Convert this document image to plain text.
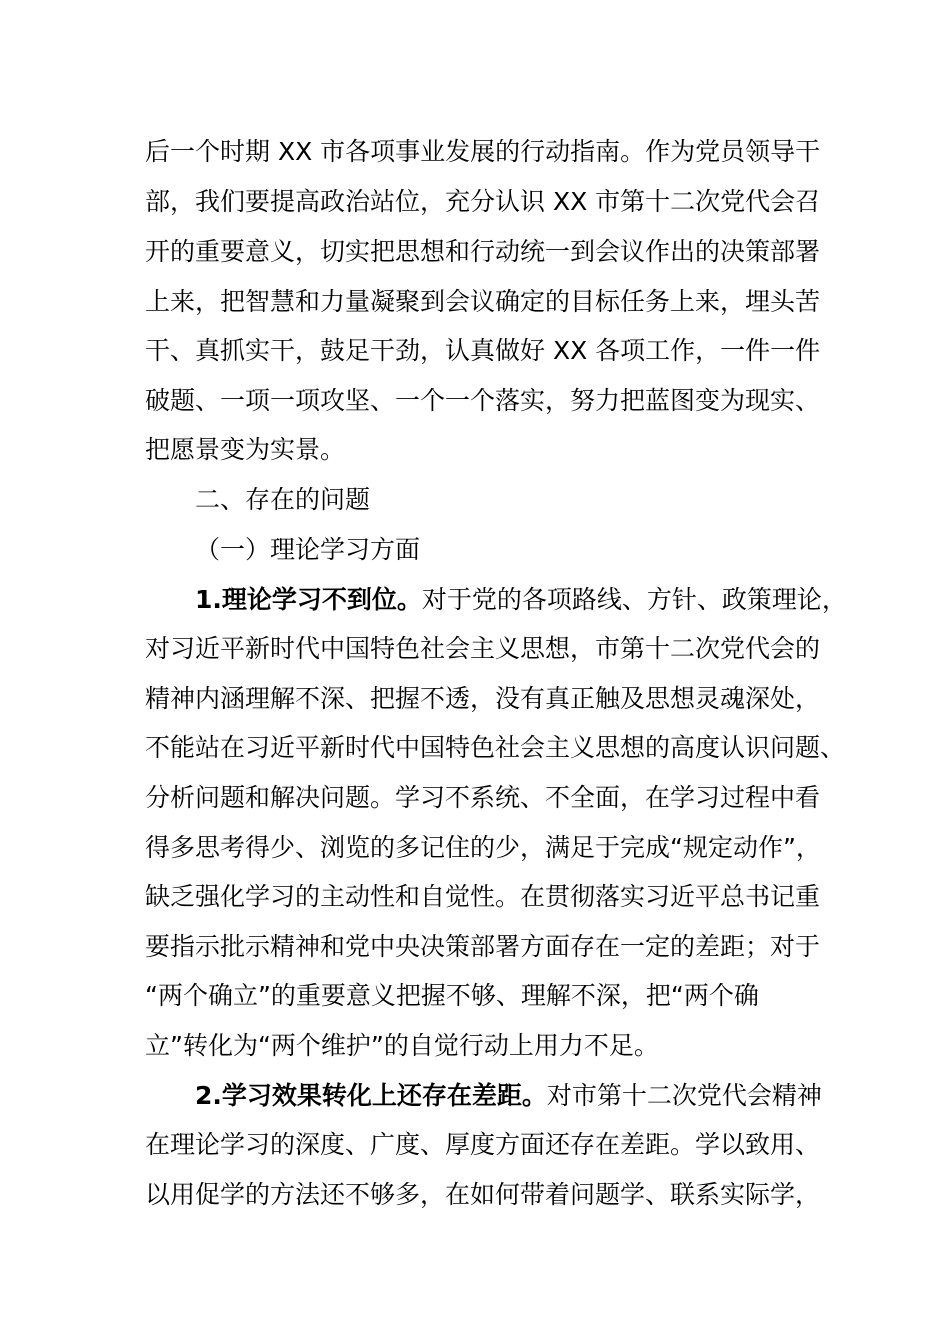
后一个时期 XX 市各项事业发展的行动指南。作为党员领导干
部，我们要提高政治站位，充分认识 XX 市第十二次党代会召
开的重要意义，切实把思想和行动统一到会议作出的决策部署
上来，把智慧和力量凝聚到会议确定的目标任务上来，埋头苦
干、真抓实干，鼓足干劲，认真做好 XX 各项工作，一件一件
破题、一项一项攻坚、一个一个落实，努力把蓝图变为现实、
把愿景变为实景。
二、存在的问题
（一）理论学习方面
1.理论学习不到位。对于党的各项路线、方针、政策理论，
对习近平新时代中国特色社会主义思想，市第十二次党代会的
精神内涵理解不深、把握不透，没有真正触及思想灵魂深处，
不能站在习近平新时代中国特色社会主义思想的高度认识问题、
分析问题和解决问题。学习不系统、不全面，在学习过程中看
得多思考得少、浏览的多记住的少，满足于完成“规定动作”，
缺乏强化学习的主动性和自觉性。在贯彻落实习近平总书记重
要指示批示精神和党中央决策部署方面存在一定的差距；对于
“两个确立”的重要意义把握不够、理解不深，把“两个确
立”转化为“两个维护”的自觉行动上用力不足。
2.学习效果转化上还存在差距。对市第十二次党代会精神
在理论学习的深度、广度、厚度方面还存在差距。学以致用、
以用促学的方法还不够多，在如何带着问题学、联系实际学，
